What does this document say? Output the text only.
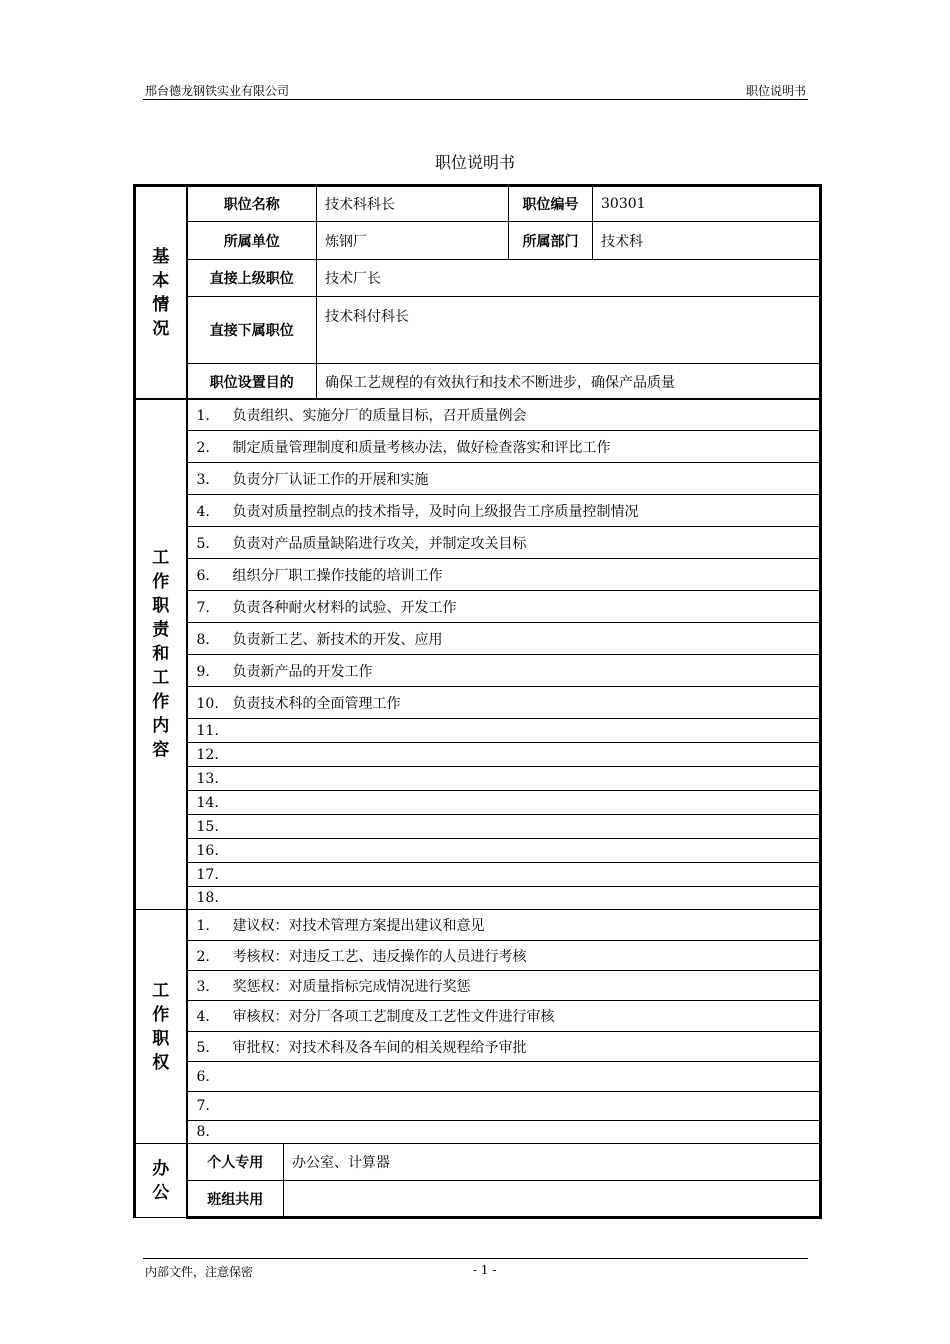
邢台德龙钢铁实业有限公司	职位说明书
职位说明书
基本情况	职位名称	技术科科长	职位编号	30301
	所属单位	炼钢厂	所属部门	技术科
	直接上级职位	技术厂长		
	直接下属职位	技术科付科长		
	职位设置目的	确保工艺规程的有效执行和技术不断进步，确保产品质量		
工作职责和工作内容	1. 负责组织、实施分厂的质量目标，召开质量例会
2. 制定质量管理制度和质量考核办法，做好检查落实和评比工作
3. 负责分厂认证工作的开展和实施
4. 负责对质量控制点的技术指导，及时向上级报告工序质量控制情况
5. 负责对产品质量缺陷进行攻关，并制定攻关目标
6. 组织分厂职工操作技能的培训工作
7. 负责各种耐火材料的试验、开发工作
8. 负责新工艺、新技术的开发、应用
9. 负责新产品的开发工作
10. 负责技术科的全面管理工作
11.
12.
13.
14.
15.
16.
17.
18.
工作职权	1. 建议权：对技术管理方案提出建议和意见
2. 考核权：对违反工艺、违反操作的人员进行考核
3. 奖惩权：对质量指标完成情况进行奖惩
4. 审核权：对分厂各项工艺制度及工艺性文件进行审核
5. 审批权：对技术科及各车间的相关规程给予审批
6.
7.
8.
办公	个人专用	办公室、计算器
	班组共用	
内部文件，注意保密	- 1 -
